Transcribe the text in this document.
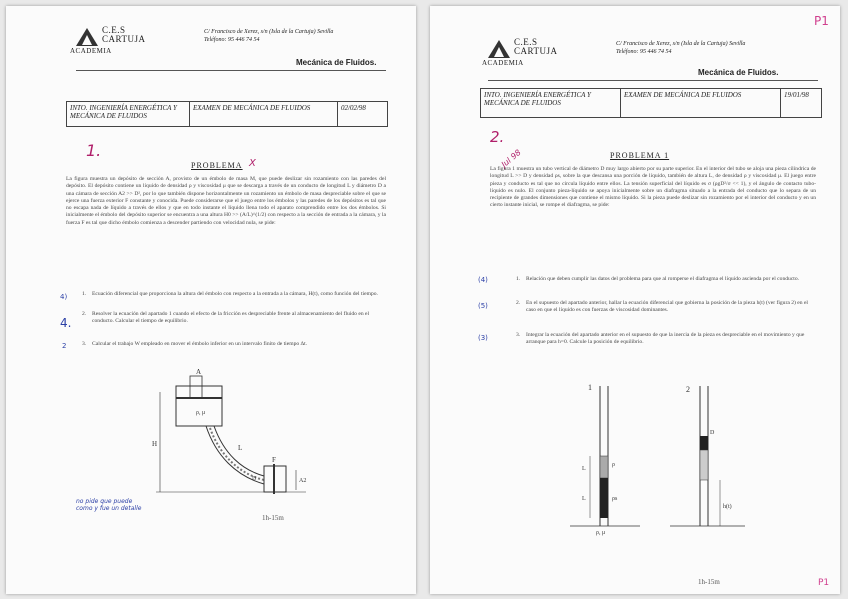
C.E.S
CARTUJA
ACADEMIA
C/ Francisco de Xerez, s/n (Isla de la Cartuja) Sevilla
Teléfono: 95 446 74 54
Mecánica de Fluidos.
INTO. INGENIERÍA ENERGÉTICA Y MECÁNICA DE FLUIDOS
EXAMEN DE MECÁNICA DE FLUIDOS	02/02/98
1.
PROBLEMA X
La figura muestra un depósito de sección A, provisto de un émbolo de masa M, que puede deslizar sin rozamiento con las paredes del depósito. El depósito contiene un líquido de densidad ρ y viscosidad μ que se descarga a través de un conducto de longitud L y diámetro D a una cámara de sección A2 >> D², por lo que también dispone horizontalmente un rozamiento un émbolo de masa despreciable sobre el que se ejerce una fuerza exterior F constante y conocida. Puede considerarse que el juego entre los émbolos y las paredes de los depósitos es tal que no escapa nada de líquido a través de ellos y que en todo instante el líquido llena todo el aparato comprendido entre los dos émbolos. Si inicialmente el émbolo del depósito superior se encuentra a una altura H0 >> (A/L)^(1/2) con respecto a la sección de entrada a la cámara, y la fuerza F es tal que dicho émbolo comienza a descender partiendo con velocidad nula, se pide:
4)	1. Ecuación diferencial que proporciona la altura del émbolo con respecto a la entrada a la cámara, H(t), como función del tiempo.
4.
2. Resolver la ecuación del apartado 1 cuando el efecto de la fricción es despreciable frente al almacenamiento del fluido en el conducto. Calcular el tiempo de equilibrio.
2	3. Calcular el trabajo W empleado en mover el émbolo inferior en un intervalo finito de tiempo Δt.
A
ρ, μ
L
F
H
D	A2
no pide que puede
como y fue un detalle
1h-15m
C.E.S
CARTUJA
ACADEMIA
C/ Francisco de Xerez, s/n (Isla de la Cartuja) Sevilla
Teléfono: 95 446 74 54
P1
Mecánica de Fluidos.
INTO. INGENIERÍA ENERGÉTICA Y MECÁNICA DE FLUIDOS
EXAMEN DE MECÁNICA DE FLUIDOS	19/01/98
2.
Jul 98	PROBLEMA 1
La figura 1 muestra un tubo vertical de diámetro D muy largo abierto por su parte superior. En el interior del tubo se aloja una pieza cilíndrica de longitud L >> D y densidad ρs, sobre la que descansa una porción de líquido, también de altura L, de densidad ρ y viscosidad μ. El juego entre pieza y conducto es tal que no circula líquido entre ellos. La tensión superficial del líquido es σ (ρgD²/σ << 1), y el ángulo de contacto tubo-líquido es nulo. El conjunto pieza-líquido se apoya inicialmente sobre un diafragma situado a la entrada del conducto que lo separa de un recipiente de grandes dimensiones que contiene el mismo líquido. Si la pieza puede deslizar sin rozamiento por el interior del conducto y en un cierto instante inicial, se rompe el diafragma, se pide:
(4)	1. Relación que deben cumplir las datos del problema para que al romperse el diafragma el líquido ascienda por el conducto.
(5)	2. En el supuesto del apartado anterior, hallar la ecuación diferencial que gobierna la posición de la pieza h(t) (ver figura 2) en el caso en que el líquido es con fuerzas de viscosidad dominantes.
(3)	3. Integrar la ecuación del apartado anterior en el supuesto de que la inercia de la pieza es despreciable en el movimiento y que arranque para h=0. Calcule la posición de equilibrio.
1
L
L
ρ
ρs
ρ, μ
2
h(t)
D
1h-15m	P1
